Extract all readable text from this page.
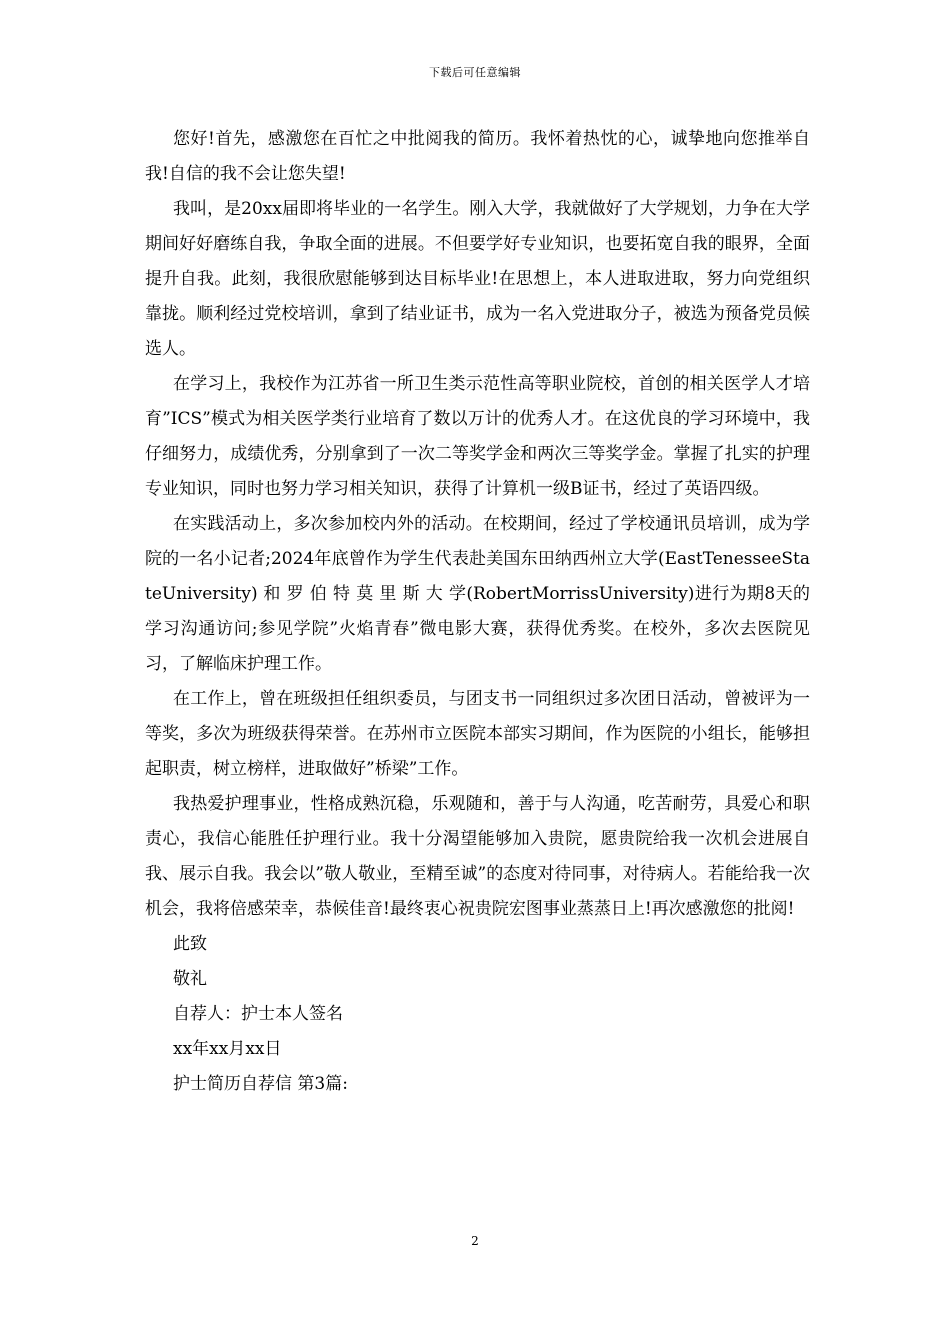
下载后可任意编辑

您好!首先，感激您在百忙之中批阅我的简历。我怀着热忱的心，诚挚地向您推举自我!自信的我不会让您失望!

我叫，是20xx届即将毕业的一名学生。刚入大学，我就做好了大学规划，力争在大学期间好好磨练自我，争取全面的进展。不但要学好专业知识，也要拓宽自我的眼界，全面提升自我。此刻，我很欣慰能够到达目标毕业!在思想上，本人进取进取，努力向党组织靠拢。顺利经过党校培训，拿到了结业证书，成为一名入党进取分子，被选为预备党员候选人。

在学习上，我校作为江苏省一所卫生类示范性高等职业院校，首创的相关医学人才培育”ICS”模式为相关医学类行业培育了数以万计的优秀人才。在这优良的学习环境中，我仔细努力，成绩优秀，分别拿到了一次二等奖学金和两次三等奖学金。掌握了扎实的护理专业知识，同时也努力学习相关知识，获得了计算机一级B证书，经过了英语四级。

在实践活动上，多次参加校内外的活动。在校期间，经过了学校通讯员培训，成为学院的一名小记者;2024年底曾作为学生代表赴美国东田纳西州立大学(EastTenesseeStateUniversity) 和 罗 伯 特 莫 里 斯 大 学(RobertMorrissUniversity)进行为期8天的学习沟通访问;参见学院”火焰青春”微电影大赛，获得优秀奖。在校外，多次去医院见习，了解临床护理工作。

在工作上，曾在班级担任组织委员，与团支书一同组织过多次团日活动，曾被评为一等奖，多次为班级获得荣誉。在苏州市立医院本部实习期间，作为医院的小组长，能够担起职责，树立榜样，进取做好”桥梁”工作。

我热爱护理事业，性格成熟沉稳，乐观随和，善于与人沟通，吃苦耐劳，具爱心和职责心，我信心能胜任护理行业。我十分渴望能够加入贵院，愿贵院给我一次机会进展自我、展示自我。我会以”敬人敬业，至精至诚”的态度对待同事，对待病人。若能给我一次机会，我将倍感荣幸，恭候佳音!最终衷心祝贵院宏图事业蒸蒸日上!再次感激您的批阅!

此致

敬礼

自荐人：护士本人签名

xx年xx月xx日

护士简历自荐信 第3篇:

2
